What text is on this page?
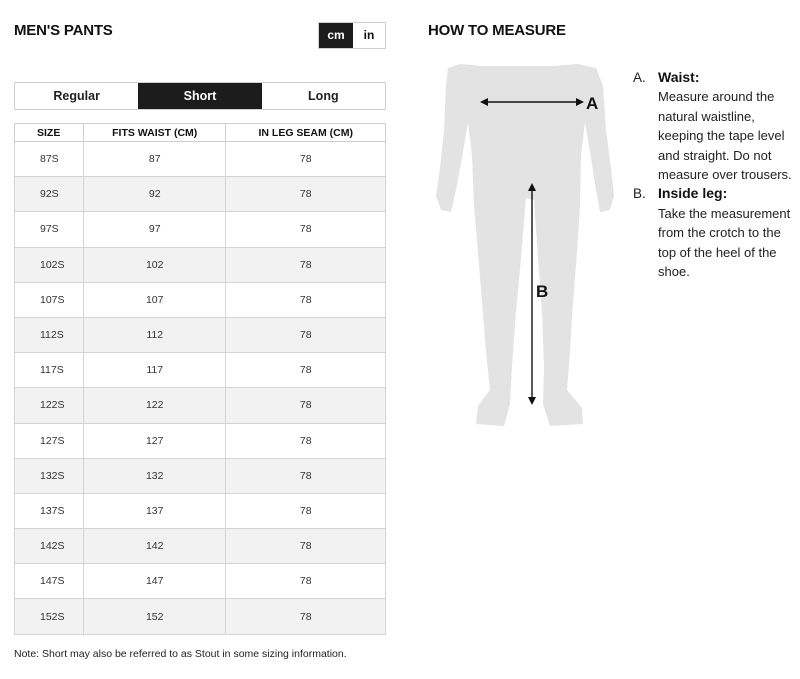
MEN'S PANTS	cm	in
Regular	Short	Long
SIZE	FITS WAIST (CM)	IN LEG SEAM (CM)
87S	87	78
92S	92	78
97S	97	78
102S	102	78
107S	107	78
112S	112	78
117S	117	78
122S	122	78
127S	127	78
132S	132	78
137S	137	78
142S	142	78
147S	147	78
152S	152	78
Note: Short may also be referred to as Stout in some sizing information.
HOW TO MEASURE
A
B
A. Waist:
Measure around the natural waistline, keeping the tape level and straight. Do not measure over trousers.
B. Inside leg:
Take the measurement from the crotch to the top of the heel of the shoe.
